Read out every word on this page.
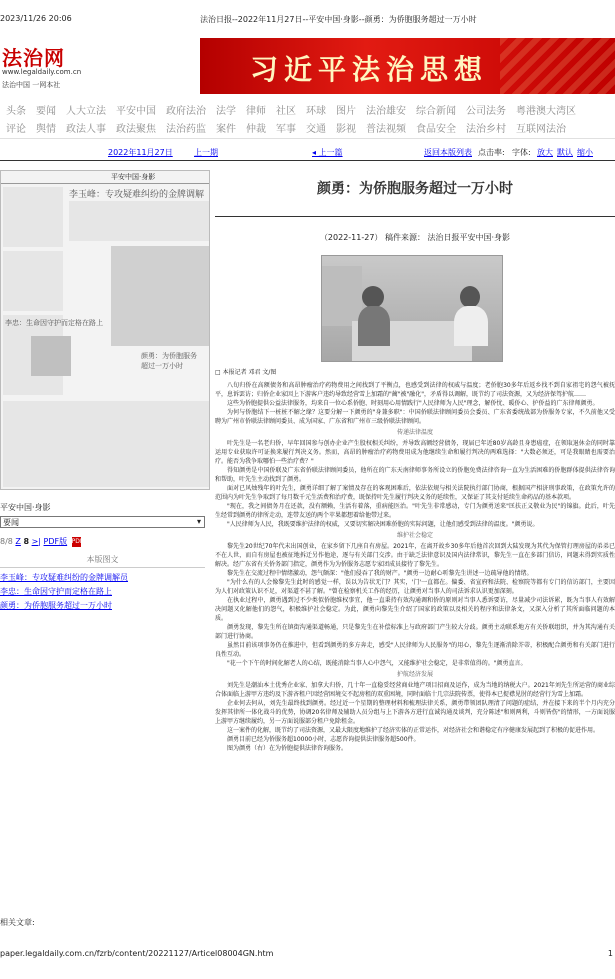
2023/11/26 20:06	法治日报--2022年11月27日--平安中国·身影--颜勇：为侨胞服务超过一万小时
法治网
www.legaldaily.com.cn
法治中国 一网本社	习近平法治思想
头条 要闻 人大立法 平安中国 政府法治 法学 律师 社区 环球 图片 法治雄安 综合新闻 公司法务 粤港澳大湾区
评论 舆情 政法人事 政法聚焦 法治药监 案件 仲裁 军事 交通 影视 普法视频 食品安全 法治乡村 互联网法治
2022年11月27日	上一期	◂ 上一篇	返回本版列表 点击率: 字体: 放大 默认 缩小
平安中国·身影
李玉峰：专攻疑难纠纷的金牌调解
李忠：生命因守护而定格在路上
颜勇：为侨胞服务超过一万小时
平安中国·身影
要闻	▾
8/8 Z 8 >| PDF版 PDF
本版图文
李玉峰：专攻疑难纠纷的金牌调解员
李忠：生命因守护而定格在路上
颜勇：为侨胞服务超过一万小时
颜勇：为侨胞服务超过一万小时
（2022-11-27） 稿件来源： 法治日报平安中国·身影

□ 本报记者 邓君 文/图

八旬归侨在高额债务和高昂肿瘤治疗药物费用之间找到了平衡点，也感受到法律的权威与温度；老侨胞30多年后返乡找不到自家祖宅的怨气被抚平，息诉罢访；归侨企业家因上下游客户违约导致经营雪上加霜的"蔺"被"融化"，矛盾得以调解，既节约了司法资源，又为经济保驾护航……

这些为侨胞提供公益法律服务，均来自一位心系侨胞、时刻用心用情践行"人民律师为人民"理念，解侨忧、暖侨心、护侨益的广东律师颜勇。

为何与侨胞结下一桩桩不解之缘？这要分解一下颜勇的"身兼多职"：中国侨联法律顾问委员会委员、广东省委统战部为侨服务专家，不久前他又受聘为广州市侨联法律顾问委员、成为国家、广东省和广州市三级侨联法律顾问。

传递法律温度

叶先生是一名老归侨，早年回国参与创办企业产生股权相关纠纷，并导致高额经营债务，现届已年近80岁高龄且身患癌症，在领取退休金的同时靠运用专业获取许可证换来履行判决义务。然而，高昂的肿瘤治疗药物费用成为他继续生命和履行判决的两难选择："大数必须还，可是我眼睛也需要治疗。能否为我争取哪怕一些治疗费？"

得知颜勇是中国侨联及广东省侨联法律顾问委员，他所在的广东天南律师事务所设立的侨胞免费法律咨询一直为生活困难的侨胞群体提供法律咨询和帮助，叶先生主动找到了颜勇。

面对已风烛残年的叶先生，颜勇详细了解了案情及存在的客观困难后，依法依规与相关法院执行部门协商，根据国产相济刑事政策，在政策允许的范围内为叶先生争取到了每月数千元生活费和治疗费，既保持叶先生履行判决义务的延续性，又保证了其支付延续生命药品的基本款项。

"现在，我之间债务月在还款，没有额赖，生活有着落，重病能医治。"叶先生非常感动，专门为颜勇送来"匡扶正义敬业为民"的锦旗。此后，叶先生经常到颜勇的律所走动，连带友送的两个苹果都想着给他带过来。

"人民律师为人民，我既要维护法律的权威，又要切实解决困难侨胞的实际问题，让他们感受到法律的温度。"颜勇说。

维护社会稳定

黎先生20世纪70年代末出国创业，在家乡留下几座自有房屋。2021年，在离开故乡30多年后他首次回到大陆发现为其代为保管打理房屋的弟弟已不在人世，而自有房屋也被征地拆迁另作他途，逐与有关部门交涉。由于缺乏法律意识及国内法律常识，黎先生一直在多部门信访，问题未得到实质性解决。经广东省有关侨务部门指定，颜勇作为为侨服务志愿专家团成员接待了黎先生。

黎先生在交流过程中情绪激动，怨气颇深："他们侵吞了我的财产。"颜勇一边耐心听黎先生讲述一边疏导他的情绪。

"为什么有的人会像黎先生此时的感觉一样，误以为告状无门？其实，'门'一直都在。偏委、省宣府和法院、检察院等都有专门的信访部门，主要因为人们对政策认识不足，对渠道不甚了解。"曾在检察机关工作的经历，让颜勇对当事人的司法诉求认识更加深刻。

在执业过程中，颜勇遇到过不少类似侨胞维权事宜，他一直秉持有效沟通调和侨的原则对当事人悉诉要访，尽量减少司法诉累，既为当事人有效解决问题又化解他们的怨气，积极维护社会稳定。为此，颜勇向黎先生介绍了国家的政策以及相关的程序和法律条文，又深入分析了其所面临问题的本质。

颜勇发现，黎先生所在镇街沟通渠道畅通，只是黎先生在补偿标准上与政府部门产生较大分歧。颜勇主动联系地方有关侨联组织，并为其沟通有关部门进行协商。

虽然目前该项事务仍在推进中，但看到颜勇的多方奔走，感受"人民律师为人民服务"的用心，黎先生逐渐消除芥蒂，积极配合颜勇和有关部门进行良性互动。

"花一个下午的时间化解老人的心结，既能消除当事人心中怨气，又能维护社会稳定，是非常值得的。"颜勇直言。

护航经济发展

刘先生是潮汕本土优秀企业家、加拿大归侨，几十年一直稳妥经营商业地产项目招商及运作，成为当地的纳税大户。2021年刘先生所运营的商业综合体面临上游甲方违约及下游吝租户因经营困境交不起房租的双重困境，同时面临十几宗法院传票，使得本已捉襟见肘的经营行为雪上加霜。

企业何去何从，刘先生最终找到颜勇。经过近一个星期的整理材料和梳理法律关系，颜勇带领团队理清了问题的症结，并在接下来的半个月内充分发挥其律所一体化战斗的优势，协调20名律师及辅助人员分组与上下游各方进行直诚沟通及谈判，充分陈述"和则两利，斗则皆伤"的情形，一方面说服上游甲方继续履约，另一方面说服部分租户免除租金。

这一案件的化解，既节约了司法资源，又最大限度地维护了经济实体的正常运作，对经济社会和谐稳定有序健康发展起到了积极的促进作用。

颜勇目前已经为侨服务超10000小时，志愿咨询提供法律服务超500件。

图为颜勇（右）在为侨胞提供法律咨询服务。

相关文章:
paper.legaldaily.com.cn/fzrb/content/20221127/Articel08004GN.htm	1
